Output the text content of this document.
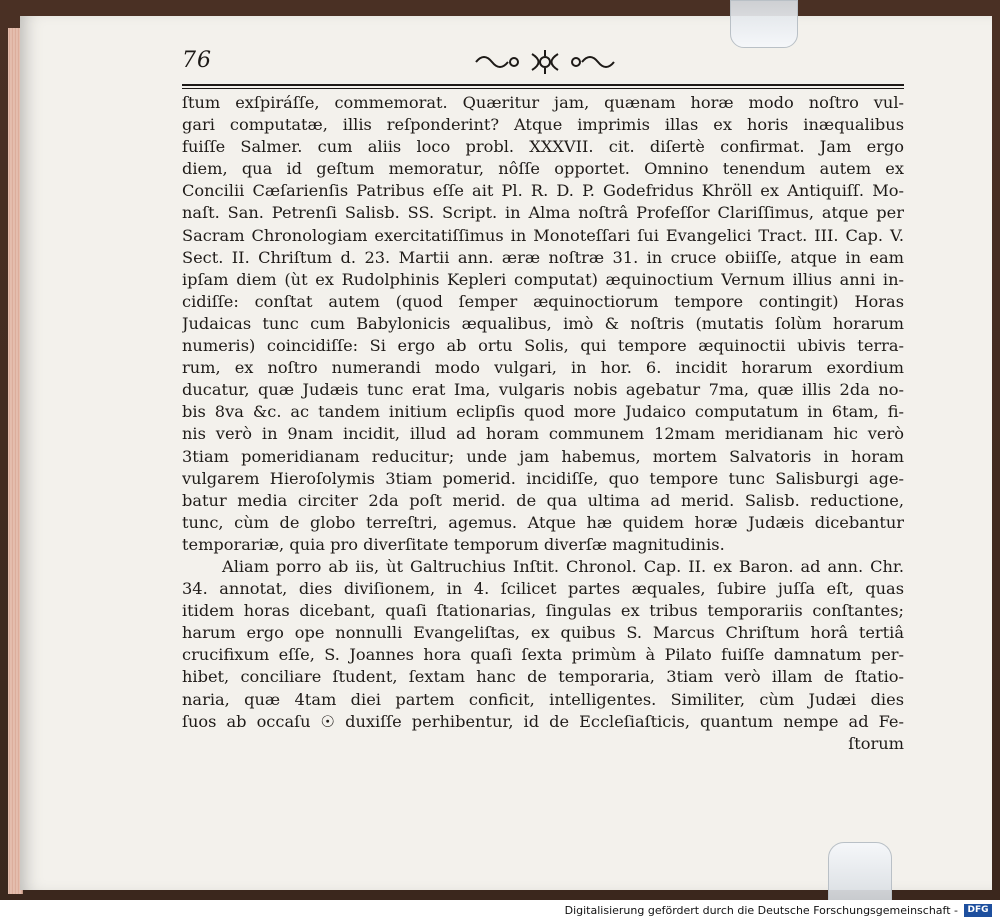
76
ſtum exſpiráſſe, commemorat. Quæritur jam, quænam horæ modo noſtro vul-
gari computatæ, illis reſponderint? Atque imprimis illas ex horis inæqualibus
fuiſſe Salmer. cum aliis loco probl. XXXVII. cit. diſertè confirmat. Jam ergo
diem, qua id geſtum memoratur, nôſſe opportet. Omnino tenendum autem ex
Concilii Cæſarienſis Patribus eſſe ait Pl. R. D. P. Godefridus Khröll ex Antiquiſſ. Mo-
naſt. San. Petrenſi Salisb. SS. Script. in Alma noſtrâ Profeſſor Clariſſimus, atque per
Sacram Chronologiam exercitatiſſimus in Monoteſſari ſui Evangelici Tract. III. Cap. V.
Sect. II. Chriſtum d. 23. Martii ann. æræ noſtræ 31. in cruce obiiſſe, atque in eam
ipſam diem (ùt ex Rudolphinis Kepleri computat) æquinoctium Vernum illius anni in-
cidiſſe: conſtat autem (quod ſemper æquinoctiorum tempore contingit) Horas
Judaicas tunc cum Babylonicis æqualibus, imò & noſtris (mutatis ſolùm horarum
numeris) coincidiſſe: Si ergo ab ortu Solis, qui tempore æquinoctii ubivis terra-
rum, ex noſtro numerandi modo vulgari, in hor. 6. incidit horarum exordium
ducatur, quæ Judæis tunc erat Ima, vulgaris nobis agebatur 7ma, quæ illis 2da no-
bis 8va &c. ac tandem initium eclipſis quod more Judaico computatum in 6tam, fi-
nis verò in 9nam incidit, illud ad horam communem 12mam meridianam hic verò
3tiam pomeridianam reducitur; unde jam habemus, mortem Salvatoris in horam
vulgarem Hieroſolymis 3tiam pomerid. incidiſſe, quo tempore tunc Salisburgi age-
batur media circiter 2da poſt merid. de qua ultima ad merid. Salisb. reductione,
tunc, cùm de globo terreſtri, agemus. Atque hæ quidem horæ Judæis dicebantur
temporariæ, quia pro diverſitate temporum diverſæ magnitudinis.
Aliam porro ab iis, ùt Galtruchius Inſtit. Chronol. Cap. II. ex Baron. ad ann. Chr.
34. annotat, dies diviſionem, in 4. ſcilicet partes æquales, ſubire juſſa eſt, quas
itidem horas dicebant, quaſi ſtationarias, ſingulas ex tribus temporariis conſtantes;
harum ergo ope nonnulli Evangeliſtas, ex quibus S. Marcus Chriſtum horâ tertiâ
crucifixum eſſe, S. Joannes hora quaſi ſexta primùm à Pilato fuiſſe damnatum per-
hibet, conciliare ſtudent, ſextam hanc de temporaria, 3tiam verò illam de ſtatio-
naria, quæ 4tam diei partem conficit, intelligentes. Similiter, cùm Judæi dies
ſuos ab occaſu ☉ duxiſſe perhibentur, id de Eccleſiaſticis, quantum nempe ad Fe-
ſtorum
Digitalisierung gefördert durch die Deutsche Forschungsgemeinschaft -	DFG
